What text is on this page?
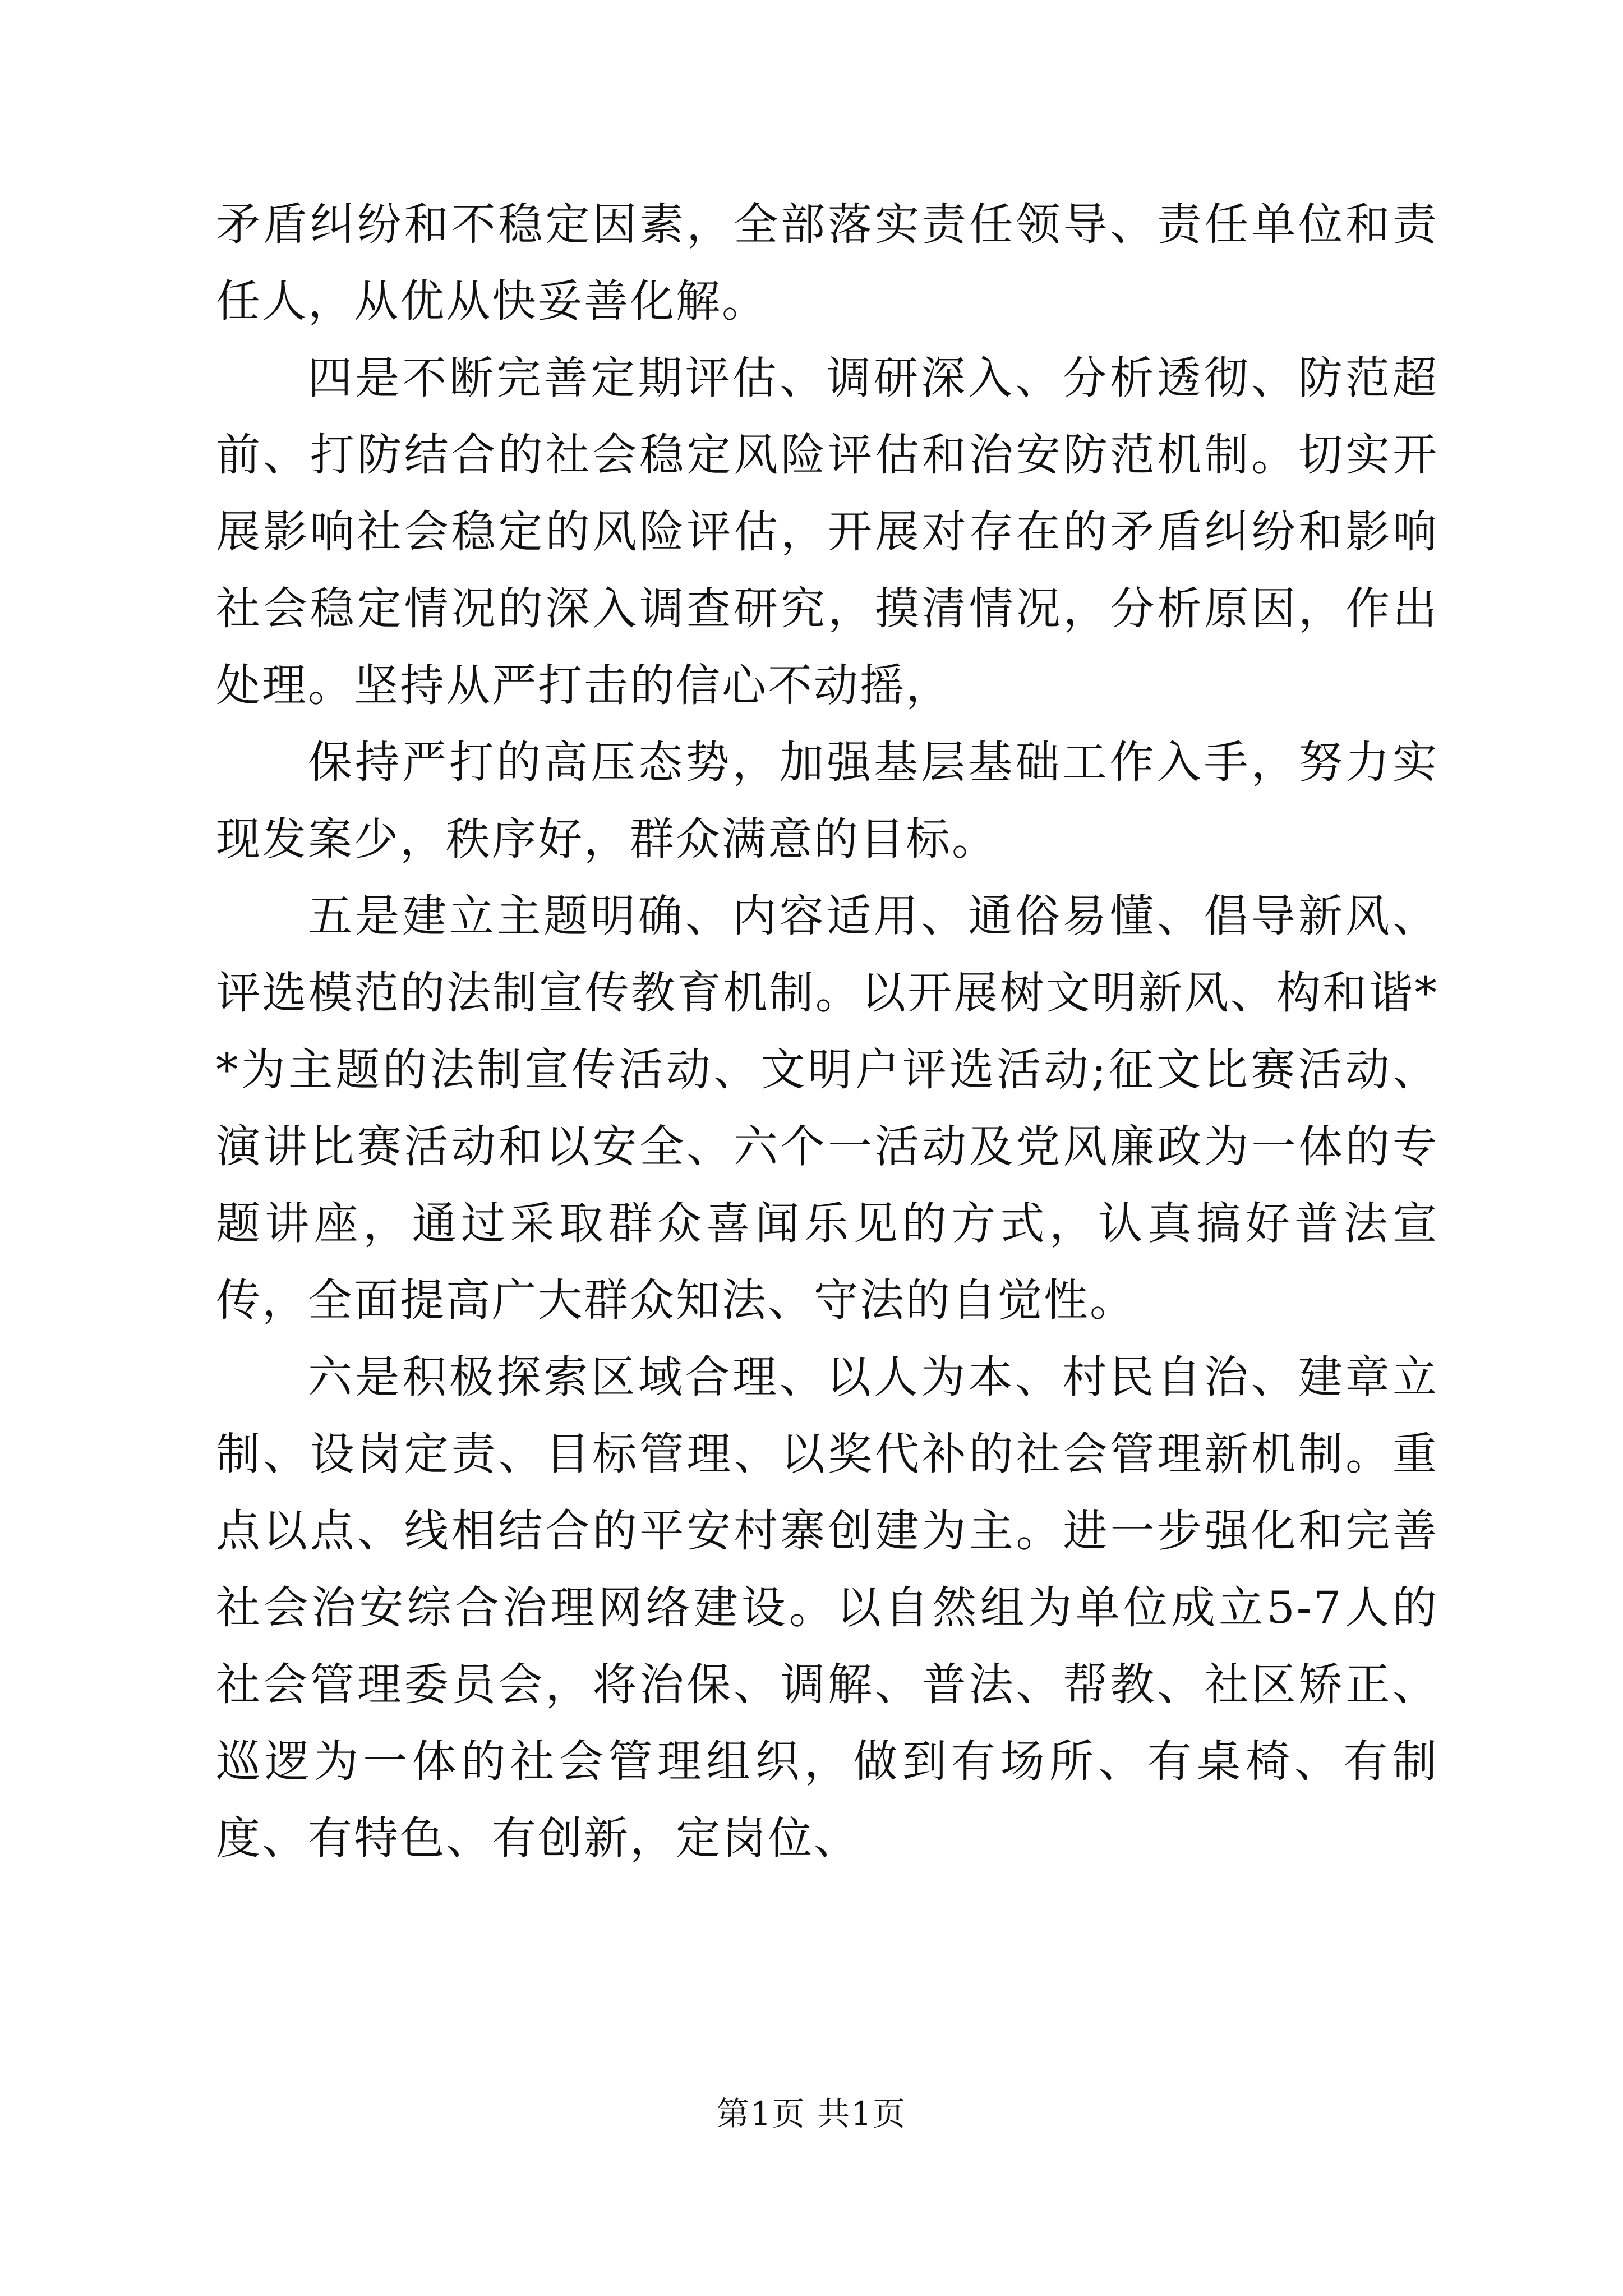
矛盾纠纷和不稳定因素，全部落实责任领导、责任单位和责任人，从优从快妥善化解。

四是不断完善定期评估、调研深入、分析透彻、防范超前、打防结合的社会稳定风险评估和治安防范机制。切实开展影响社会稳定的风险评估，开展对存在的矛盾纠纷和影响社会稳定情况的深入调查研究，摸清情况，分析原因，作出处理。坚持从严打击的信心不动摇，

保持严打的高压态势，加强基层基础工作入手，努力实现发案少，秩序好，群众满意的目标。

五是建立主题明确、内容适用、通俗易懂、倡导新风、评选模范的法制宣传教育机制。以开展树文明新风、构和谐**为主题的法制宣传活动、文明户评选活动;征文比赛活动、演讲比赛活动和以安全、六个一活动及党风廉政为一体的专题讲座，通过采取群众喜闻乐见的方式，认真搞好普法宣传，全面提高广大群众知法、守法的自觉性。

六是积极探索区域合理、以人为本、村民自治、建章立制、设岗定责、目标管理、以奖代补的社会管理新机制。重点以点、线相结合的平安村寨创建为主。进一步强化和完善社会治安综合治理网络建设。以自然组为单位成立5-7人的社会管理委员会，将治保、调解、普法、帮教、社区矫正、巡逻为一体的社会管理组织，做到有场所、有桌椅、有制度、有特色、有创新，定岗位、

第1页 共1页
